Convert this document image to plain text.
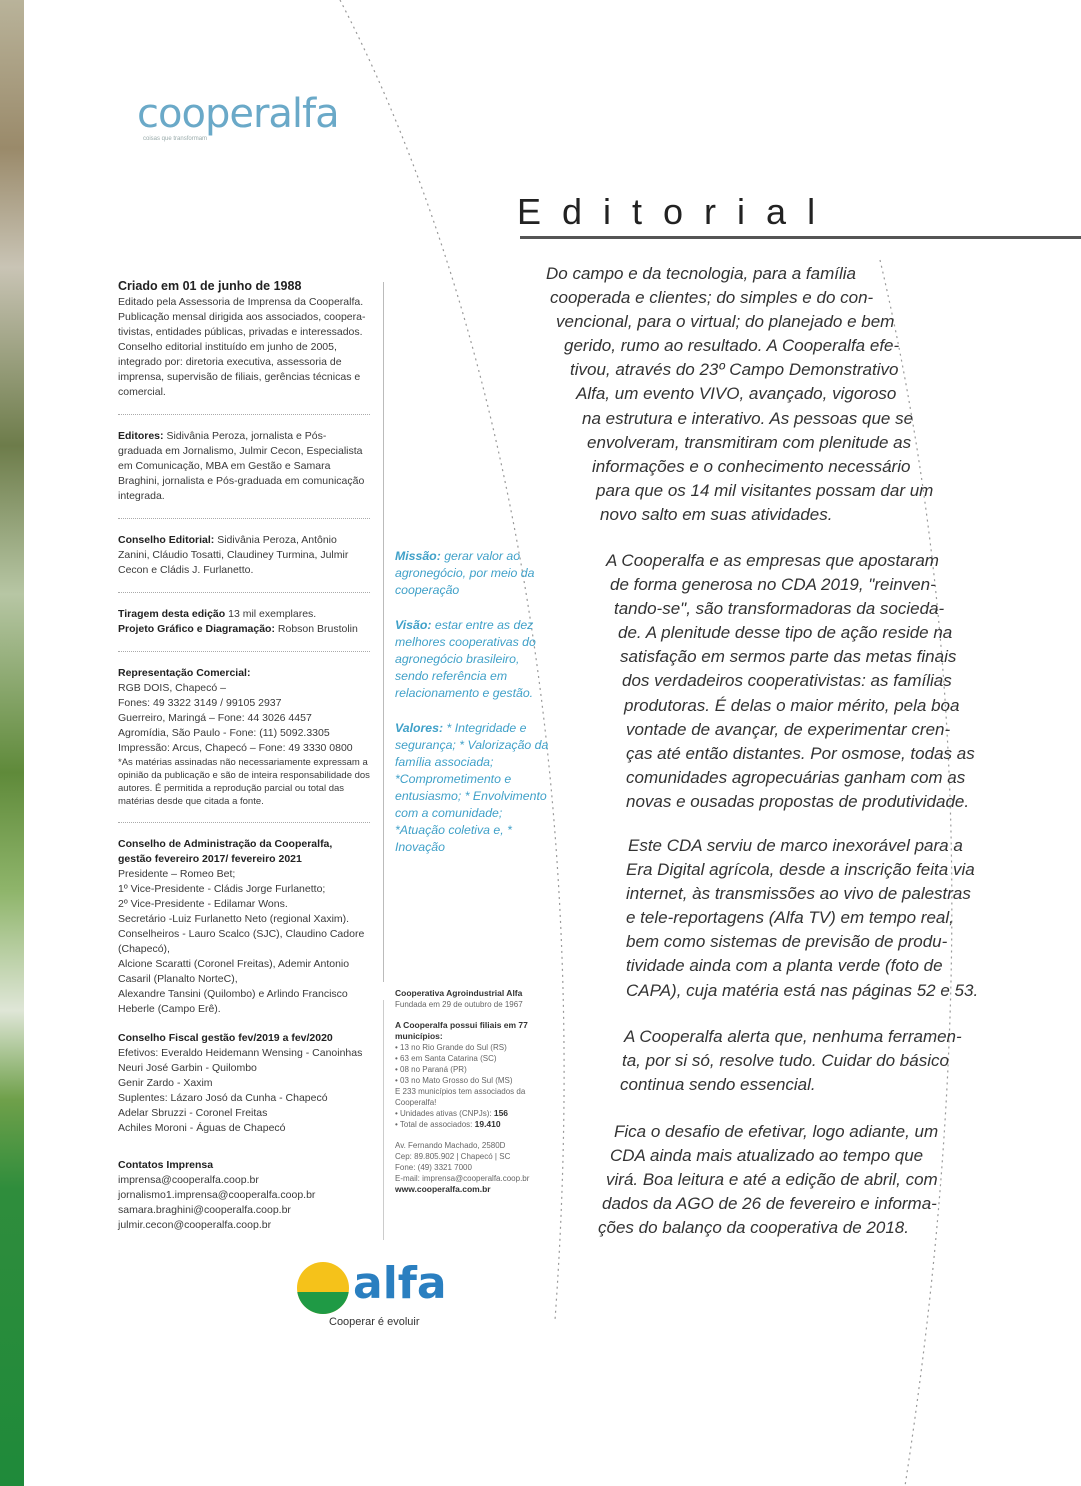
cooperalfa
coisas que transformam
Editorial
Criado em 01 de junho de 1988
Editado pela Assessoria de Imprensa da Cooperalfa.
Publicação mensal dirigida aos associados, coopera-
tivistas, entidades públicas, privadas e interessados.
Conselho editorial instituído em junho de 2005,
integrado por: diretoria executiva, assessoria de
imprensa, supervisão de filiais, gerências técnicas e
comercial.
Editores: Sidivânia Peroza, jornalista e Pós-graduada em Jornalismo, Julmir Cecon, Especialista em Comunicação, MBA em Gestão e Samara Braghini, jornalista e Pós-graduada em comunicação integrada.
Conselho Editorial: Sidivânia Peroza, Antônio Zanini, Cláudio Tosatti, Claudiney Turmina, Julmir Cecon e Cládis J. Furlanetto.
Tiragem desta edição 13 mil exemplares.
Projeto Gráfico e Diagramação: Robson Brustolin
Representação Comercial:
RGB DOIS, Chapecó –
Fones: 49 3322 3149 / 99105 2937
Guerreiro, Maringá – Fone: 44 3026 4457
Agromídia, São Paulo - Fone: (11) 5092.3305
Impressão: Arcus, Chapecó – Fone: 49 3330 0800
*As matérias assinadas não necessariamente expressam a opinião da publicação e são de inteira responsabilidade dos autores. É permitida a reprodução parcial ou total das matérias desde que citada a fonte.
Conselho de Administração da Cooperalfa,
gestão fevereiro 2017/ fevereiro 2021
Presidente – Romeo Bet;
1º Vice-Presidente - Cládis Jorge Furlanetto;
2º Vice-Presidente - Edilamar Wons.
Secretário -Luiz Furlanetto Neto (regional Xaxim).
Conselheiros - Lauro Scalco (SJC), Claudino Cadore (Chapecó),
Alcione Scaratti (Coronel Freitas), Ademir Antonio Casaril (Planalto NorteC),
Alexandre Tansini (Quilombo) e Arlindo Francisco Heberle (Campo Erê).
Conselho Fiscal gestão fev/2019 a fev/2020
Efetivos: Everaldo Heidemann Wensing - Canoinhas
Neuri José Garbin - Quilombo
Genir Zardo - Xaxim
Suplentes: Lázaro Josó da Cunha - Chapecó
Adelar Sbruzzi - Coronel Freitas
Achiles Moroni - Águas de Chapecó
Contatos Imprensa
imprensa@cooperalfa.coop.br
jornalismo1.imprensa@cooperalfa.coop.br
samara.braghini@cooperalfa.coop.br
julmir.cecon@cooperalfa.coop.br

Missão: gerar valor ao agronegócio, por meio da cooperação

Visão: estar entre as dez melhores cooperativas do agronegócio brasileiro, sendo referência em relacionamento e gestão.

Valores: * Integridade e segurança; * Valorização da família associada; *Comprometimento e entusiasmo; * Envolvimento com a comunidade; *Atuação coletiva e, * Inovação

Cooperativa Agroindustrial Alfa
Fundada em 29 de outubro de 1967

A Cooperalfa possui filiais em 77 municípios:
• 13 no Rio Grande do Sul (RS)
• 63 em Santa Catarina (SC)
• 08 no Paraná (PR)
• 03 no Mato Grosso do Sul (MS)
E 233 municípios tem associados da Cooperalfa!
• Unidades ativas (CNPJs): 156
• Total de associados: 19.410

Av. Fernando Machado, 2580D
Cep: 89.805.902 | Chapecó | SC
Fone: (49) 3321 7000
E-mail: imprensa@cooperalfa.coop.br
www.cooperalfa.com.br

Do campo e da tecnologia, para a família
cooperada e clientes; do simples e do con-
vencional, para o virtual; do planejado e bem
gerido, rumo ao resultado. A Cooperalfa efe-
tivou, através do 23º Campo Demonstrativo
Alfa, um evento VIVO, avançado, vigoroso
na estrutura e interativo. As pessoas que se
envolveram, transmitiram com plenitude as
informações e o conhecimento necessário
para que os 14 mil visitantes possam dar um
novo salto em suas atividades.
A Cooperalfa e as empresas que apostaram
de forma generosa no CDA 2019, "reinven-
tando-se", são transformadoras da socieda-
de. A plenitude desse tipo de ação reside na
satisfação em sermos parte das metas finais
dos verdadeiros cooperativistas: as famílias
produtoras. É delas o maior mérito, pela boa
vontade de avançar, de experimentar cren-
ças até então distantes. Por osmose, todas as
comunidades agropecuárias ganham com as
novas e ousadas propostas de produtividade.
Este CDA serviu de marco inexorável para a
Era Digital agrícola, desde a inscrição feita via
internet, às transmissões ao vivo de palestras
e tele-reportagens (Alfa TV) em tempo real,
bem como sistemas de previsão de produ-
tividade ainda com a planta verde (foto de
CAPA), cuja matéria está nas páginas 52 e 53.
A Cooperalfa alerta que, nenhuma ferramen-
ta, por si só, resolve tudo. Cuidar do básico
continua sendo essencial.
Fica o desafio de efetivar, logo adiante, um
CDA ainda mais atualizado ao tempo que
virá. Boa leitura e até a edição de abril, com
dados da AGO de 26 de fevereiro e informa-
ções do balanço da cooperativa de 2018.
alfa
Cooperar é evoluir
